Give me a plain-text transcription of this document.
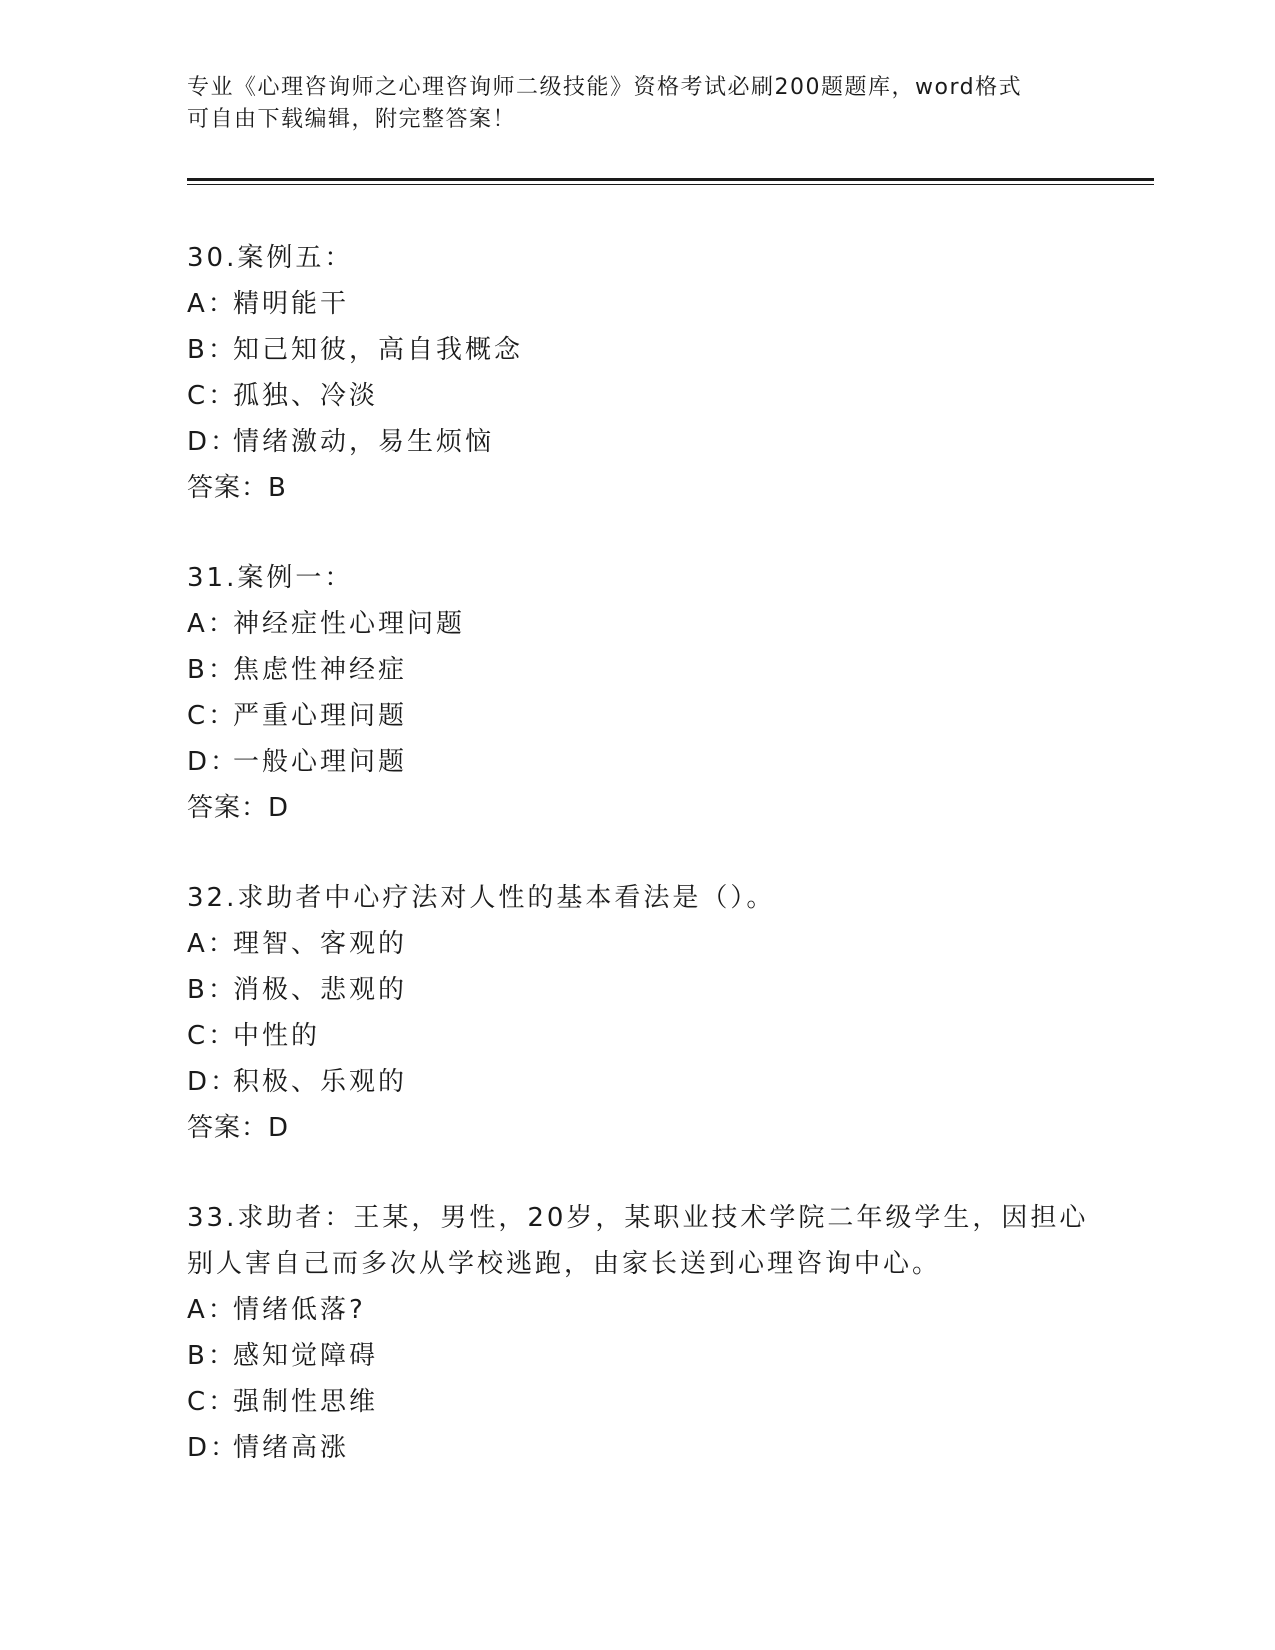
专业《心理咨询师之心理咨询师二级技能》资格考试必刷200题题库，word格式
可自由下载编辑，附完整答案！
30.案例五：
A：精明能干
B：知己知彼，高自我概念
C：孤独、冷淡
D：情绪激动，易生烦恼
答案：B
31.案例一：
A：神经症性心理问题
B：焦虑性神经症
C：严重心理问题
D：一般心理问题
答案：D
32.求助者中心疗法对人性的基本看法是（）。
A：理智、客观的
B：消极、悲观的
C：中性的
D：积极、乐观的
答案：D
33.求助者：王某，男性，20岁，某职业技术学院二年级学生，因担心
别人害自己而多次从学校逃跑，由家长送到心理咨询中心。
A：情绪低落?
B：感知觉障碍
C：强制性思维
D：情绪高涨
